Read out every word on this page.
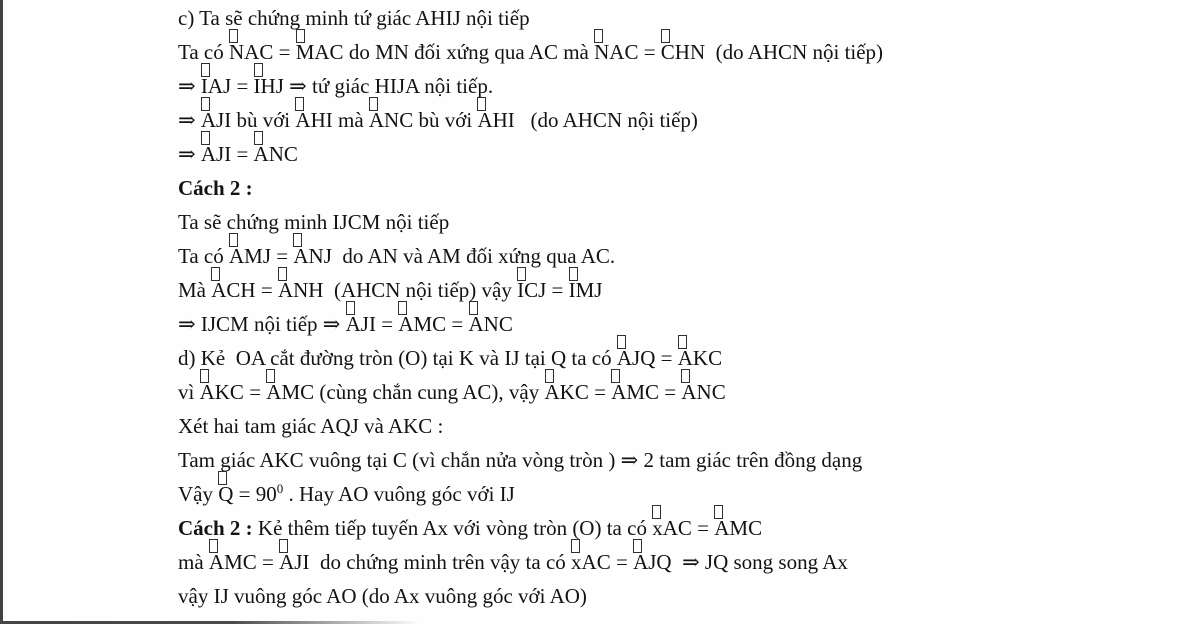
c) Ta sẽ chứng minh tứ giác AHIJ nội tiếp
Ta có
NAC =
MAC do MN đối xứng qua AC mà
NAC =
CHN  (do AHCN nội tiếp)
⇒
IAJ =
IHJ ⇒ tứ giác HIJA nội tiếp.
⇒
AJI bù với
AHI mà
ANC bù với
AHI   (do AHCN nội tiếp)
⇒
AJI =
ANC
Cách 2 :
Ta sẽ chứng minh IJCM nội tiếp
Ta có
AMJ =
ANJ  do AN và AM đối xứng qua AC.
Mà
ACH =
ANH  (AHCN nội tiếp) vậy
ICJ =
IMJ
⇒ IJCM nội tiếp ⇒
AJI =
AMC =
ANC
d) Kẻ  OA cắt đường tròn (O) tại K và IJ tại Q ta có
AJQ =
AKC
vì
AKC =
AMC (cùng chắn cung AC), vậy
AKC =
AMC =
ANC
Xét hai tam giác AQJ và AKC :
Tam giác AKC vuông tại C (vì chắn nửa vòng tròn ) ⇒ 2 tam giác trên đồng dạng
Vậy
$Q = 90^0$ . Hay AO vuông góc với IJ
Cách 2 : Kẻ thêm tiếp tuyến Ax với vòng tròn (O) ta có
xAC =
AMC
mà
AMC =
AJI  do chứng minh trên vậy ta có
xAC =
AJQ  ⇒ JQ song song Ax
vậy IJ vuông góc AO (do Ax vuông góc với AO)
